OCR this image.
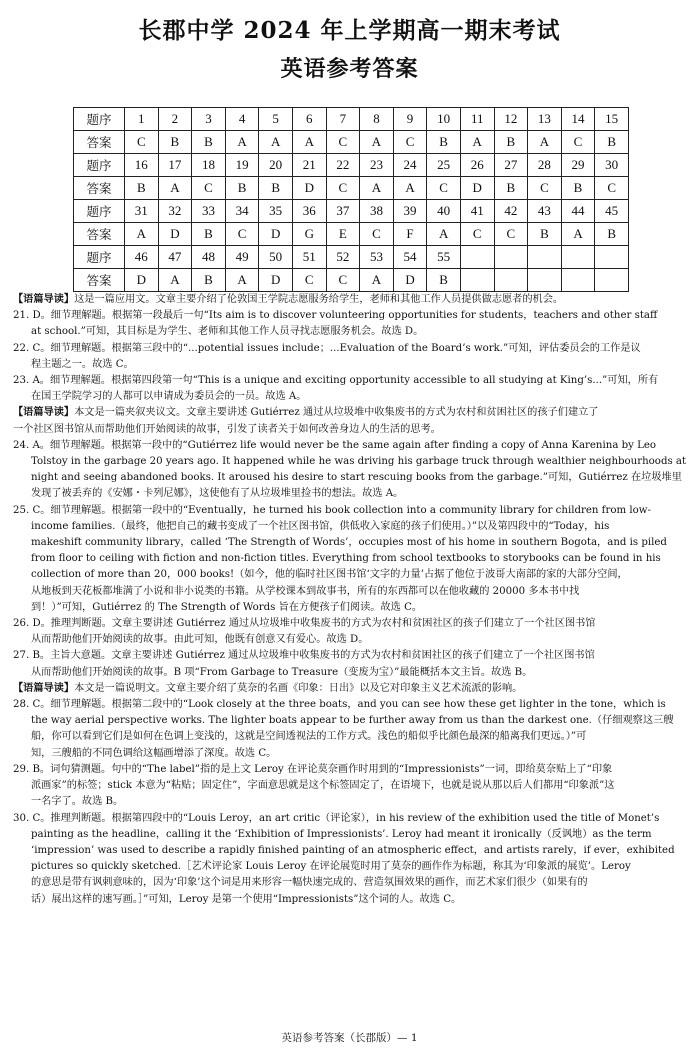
长郡中学 2024 年上学期高一期末考试
英语参考答案
题序	1	2	3	4	5	6	7	8	9	10	11	12	13	14	15
答案	C	B	B	A	A	A	C	A	C	B	A	B	A	C	B
题序	16	17	18	19	20	21	22	23	24	25	26	27	28	29	30
答案	B	A	C	B	B	D	C	A	A	C	D	B	C	B	C
题序	31	32	33	34	35	36	37	38	39	40	41	42	43	44	45
答案	A	D	B	C	D	G	E	C	F	A	C	C	B	A	B
题序	46	47	48	49	50	51	52	53	54	55					
答案	D	A	B	A	D	C	C	A	D	B					

【语篇导读】这是一篇应用文。文章主要介绍了伦敦国王学院志愿服务给学生，老师和其他工作人员提供做志愿者的机会。

21. D。细节理解题。根据第一段最后一句“Its aim is to discover volunteering opportunities for students，teachers and other staff
at school.”可知，其目标是为学生、老师和其他工作人员寻找志愿服务机会。故选 D。

22. C。细节理解题。根据第三段中的“...potential issues include；...Evaluation of the Board’s work.”可知，评估委员会的工作是议
程主题之一。故选 C。

23. A。细节理解题。根据第四段第一句“This is a unique and exciting opportunity accessible to all studying at King’s...”可知，所有
在国王学院学习的人都可以申请成为委员会的一员。故选 A。

【语篇导读】本文是一篇夹叙夹议文。文章主要讲述 Gutiérrez 通过从垃圾堆中收集废书的方式为农村和贫困社区的孩子们建立了
一个社区图书馆从而帮助他们开始阅读的故事，引发了读者关于如何改善身边人的生活的思考。

24. A。细节理解题。根据第一段中的“Gutiérrez life would never be the same again after finding a copy of Anna Karenina by Leo
Tolstoy in the garbage 20 years ago. It happened while he was driving his garbage truck through wealthier neighbourhoods at
night and seeing abandoned books. It aroused his desire to start rescuing books from the garbage.”可知，Gutiérrez 在垃圾堆里
发现了被丢弃的《安娜・卡列尼娜》，这使他有了从垃圾堆里捡书的想法。故选 A。

25. C。细节理解题。根据第一段中的“Eventually，he turned his book collection into a community library for children from low-
income families.（最终，他把自己的藏书变成了一个社区图书馆，供低收入家庭的孩子们使用。）”以及第四段中的“Today，his
makeshift community library，called ‘The Strength of Words’，occupies most of his home in southern Bogota，and is piled
from floor to ceiling with fiction and non-fiction titles. Everything from school textbooks to storybooks can be found in his
collection of more than 20，000 books!（如今，他的临时社区图书馆‘文字的力量’占据了他位于波哥大南部的家的大部分空间，
从地板到天花板都堆满了小说和非小说类的书籍。从学校课本到故事书，所有的东西都可以在他收藏的 20000 多本书中找
到！）”可知，Gutiérrez 的 The Strength of Words 旨在方便孩子们阅读。故选 C。

26. D。推理判断题。文章主要讲述 Gutiérrez 通过从垃圾堆中收集废书的方式为农村和贫困社区的孩子们建立了一个社区图书馆
从而帮助他们开始阅读的故事。由此可知，他既有创意又有爱心。故选 D。

27. B。主旨大意题。文章主要讲述 Gutiérrez 通过从垃圾堆中收集废书的方式为农村和贫困社区的孩子们建立了一个社区图书馆
从而帮助他们开始阅读的故事。B 项“From Garbage to Treasure（变废为宝）”最能概括本文主旨。故选 B。

【语篇导读】本文是一篇说明文。文章主要介绍了莫奈的名画《印象：日出》以及它对印象主义艺术流派的影响。

28. C。细节理解题。根据第二段中的“Look closely at the three boats，and you can see how these get lighter in the tone，which is
the way aerial perspective works. The lighter boats appear to be further away from us than the darkest one.（仔细观察这三艘
船，你可以看到它们是如何在色调上变浅的，这就是空间透视法的工作方式。浅色的船似乎比颜色最深的船离我们更远。）”可
知，三艘船的不同色调给这幅画增添了深度。故选 C。

29. B。词句猜测题。句中的“The label”指的是上文 Leroy 在评论莫奈画作时用到的“Impressionists”一词，即给莫奈贴上了“印象
派画家”的标签；stick 本意为“粘贴；固定住”，字面意思就是这个标签固定了，在语境下，也就是说从那以后人们都用“印象派”这
一名字了。故选 B。

30. C。推理判断题。根据第四段中的“Louis Leroy，an art critic（评论家），in his review of the exhibition used the title of Monet’s
painting as the headline，calling it the ‘Exhibition of Impressionists’. Leroy had meant it ironically（反讽地）as the term
‘impression’ was used to describe a rapidly finished painting of an atmospheric effect，and artists rarely，if ever，exhibited
pictures so quickly sketched.［艺术评论家 Louis Leroy 在评论展览时用了莫奈的画作作为标题，称其为‘印象派的展览’。Leroy
的意思是带有讽刺意味的，因为‘印象’这个词是用来形容一幅快速完成的、营造氛围效果的画作，而艺术家们很少（如果有的
话）展出这样的速写画。］”可知，Leroy 是第一个使用“Impressionists”这个词的人。故选 C。

英语参考答案（长郡版）— 1
